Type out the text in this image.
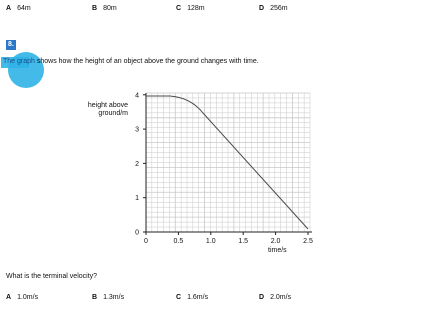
A 64m	B 80m	C 128m	D 256m
8.
The graph shows how the height of an object above the ground changes with time.
height above
ground/m
0
1
2
3
4
0	0.5	1.0	1.5	2.0	2.5
time/s
What is the terminal velocity?
A 1.0m/s	B 1.3m/s	C 1.6m/s	D 2.0m/s
